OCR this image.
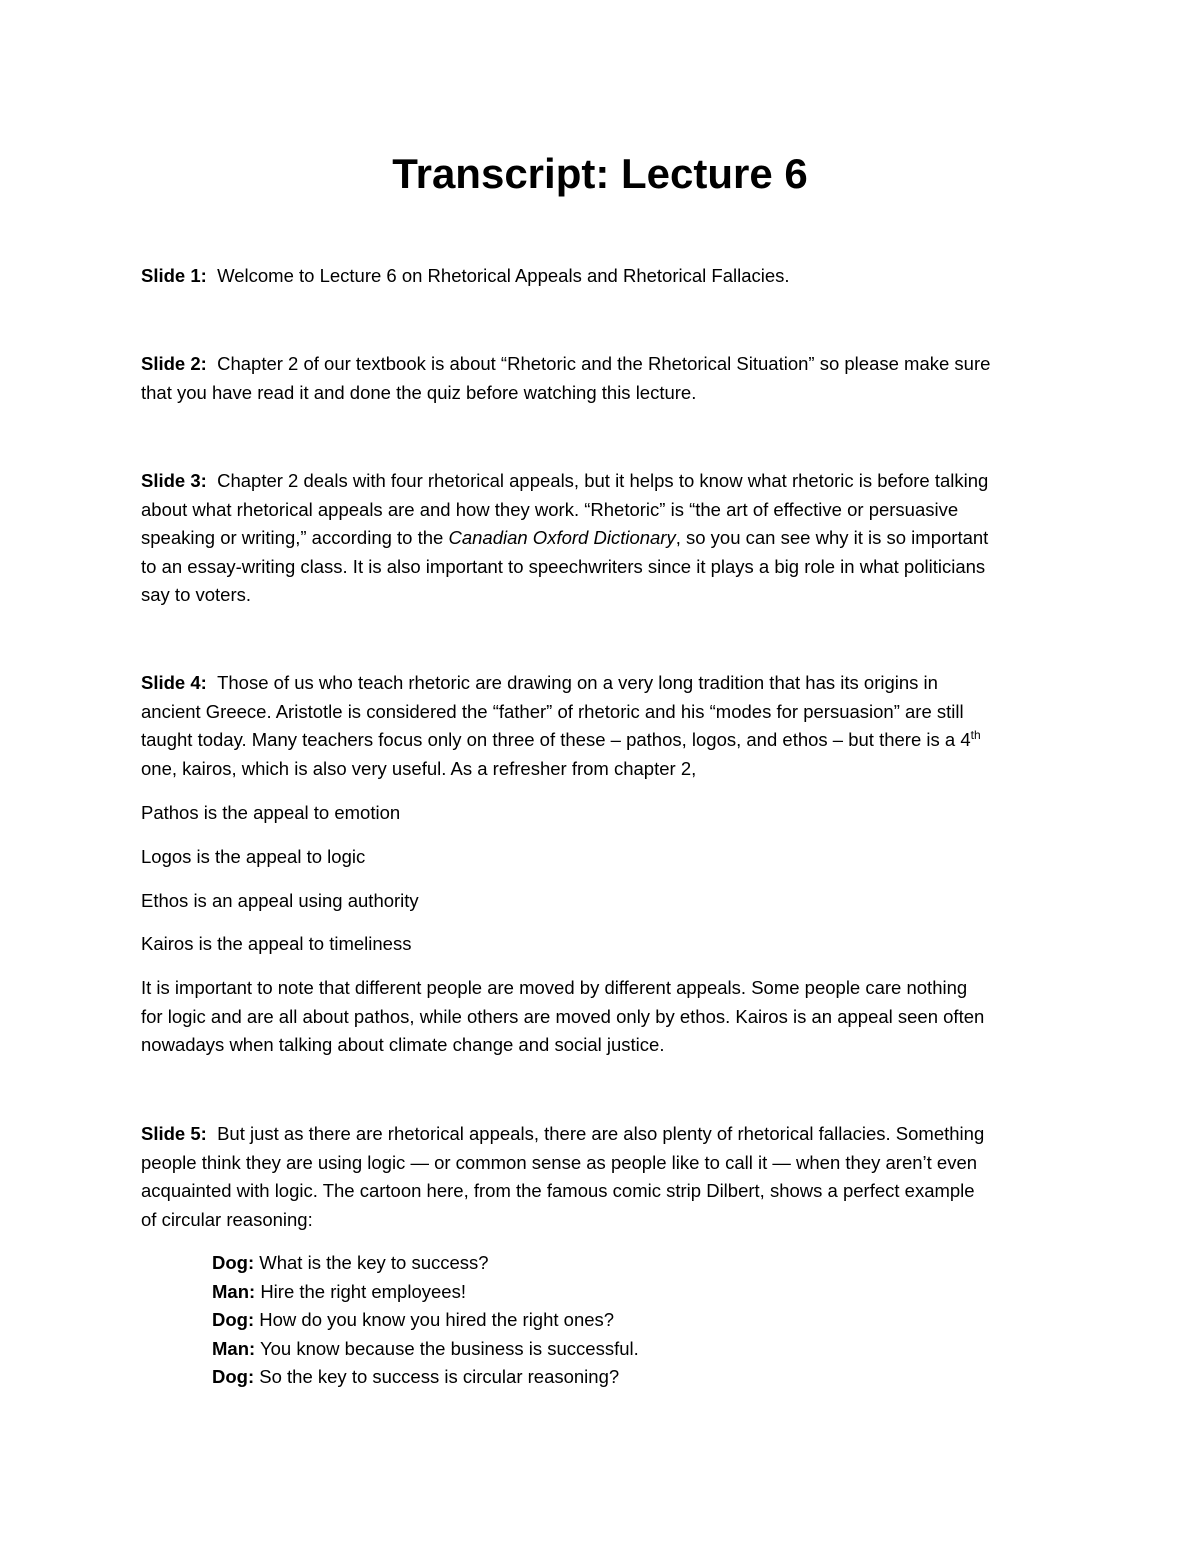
Transcript: Lecture 6

Slide 1: Welcome to Lecture 6 on Rhetorical Appeals and Rhetorical Fallacies.

Slide 2: Chapter 2 of our textbook is about “Rhetoric and the Rhetorical Situation” so please make sure
that you have read it and done the quiz before watching this lecture.

Slide 3: Chapter 2 deals with four rhetorical appeals, but it helps to know what rhetoric is before talking
about what rhetorical appeals are and how they work. “Rhetoric” is “the art of effective or persuasive
speaking or writing,” according to the Canadian Oxford Dictionary, so you can see why it is so important
to an essay-writing class. It is also important to speechwriters since it plays a big role in what politicians
say to voters.

Slide 4: Those of us who teach rhetoric are drawing on a very long tradition that has its origins in
ancient Greece. Aristotle is considered the “father” of rhetoric and his “modes for persuasion” are still
taught today. Many teachers focus only on three of these – pathos, logos, and ethos – but there is a 4th
one, kairos, which is also very useful. As a refresher from chapter 2,

Pathos is the appeal to emotion

Logos is the appeal to logic

Ethos is an appeal using authority

Kairos is the appeal to timeliness

It is important to note that different people are moved by different appeals. Some people care nothing
for logic and are all about pathos, while others are moved only by ethos. Kairos is an appeal seen often
nowadays when talking about climate change and social justice.

Slide 5: But just as there are rhetorical appeals, there are also plenty of rhetorical fallacies. Something
people think they are using logic — or common sense as people like to call it — when they aren’t even
acquainted with logic. The cartoon here, from the famous comic strip Dilbert, shows a perfect example
of circular reasoning:

Dog: What is the key to success?
Man: Hire the right employees!
Dog: How do you know you hired the right ones?
Man: You know because the business is successful.
Dog: So the key to success is circular reasoning?
